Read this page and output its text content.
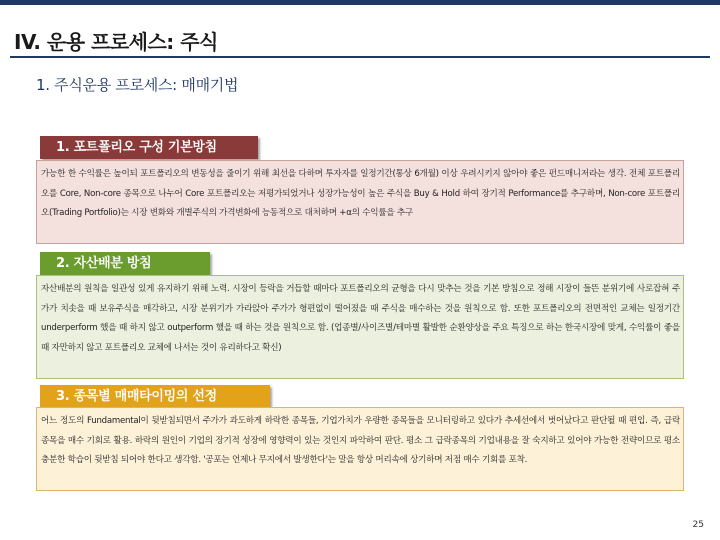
IV. 운용 프로세스: 주식
1. 주식운용 프로세스: 매매기법
1. 포트폴리오 구성 기본방침
가능한 한 수익률은 높이되 포트폴리오의 변동성을 줄이기 위해 최선을 다하며 투자자를 일정기간(통상 6개월) 이상 우려시키지 않아야 좋은 펀드매니저라는 생각. 전체 포트폴리오를 Core, Non-core 종목으로 나누어 Core 포트폴리오는 저평가되었거나 성장가능성이 높은 주식을 Buy & Hold 하여 장기적 Performance를 추구하며, Non-core 포트폴리오(Trading Portfolio)는 시장 변화와 개별주식의 가격변화에 능동적으로 대처하며 +α의 수익률을 추구
2. 자산배분 방침
자산배분의 원칙을 일관성 있게 유지하기 위해 노력. 시장이 등락을 거듭할 때마다 포트폴리오의 균형을 다시 맞추는 것을 기본 방침으로 정해 시장이 들뜬 분위기에 사로잡혀 주가가 치솟을 때 보유주식을 매각하고, 시장 분위기가 가라앉아 주가가 형편없이 떨어졌을 때 주식을 매수하는 것을 원칙으로 함. 또한 포트폴리오의 전면적인 교체는 일정기간 underperform 했을 때 하지 않고 outperform 했을 때 하는 것을 원칙으로 함. (업종별/사이즈별/테마별 활발한 순환양상을 주요 특징으로 하는 한국시장에 맞게, 수익률이 좋을 때 자만하지 않고 포트폴리오 교체에 나서는 것이 유리하다고 확신)
3. 종목별 매매타이밍의 선정
어느 정도의 Fundamental이 뒷받침되면서 주가가 과도하게 하락한 종목들, 기업가치가 우량한 종목들을 모니터링하고 있다가 추세선에서 벗어났다고 판단될 때 편입. 즉, 급락종목을 매수 기회로 활용. 하락의 원인이 기업의 장기적 성장에 영향력이 있는 것인지 파악하여 판단. 평소 그 급락종목의 기업내용을 잘 숙지하고 있어야 가능한 전략이므로 평소 충분한 학습이 뒷받침 되어야 한다고 생각함. '공포는 언제나 무지에서 발생한다'는 말을 항상 머리속에 상기하며 저점 매수 기회를 포착.
25
